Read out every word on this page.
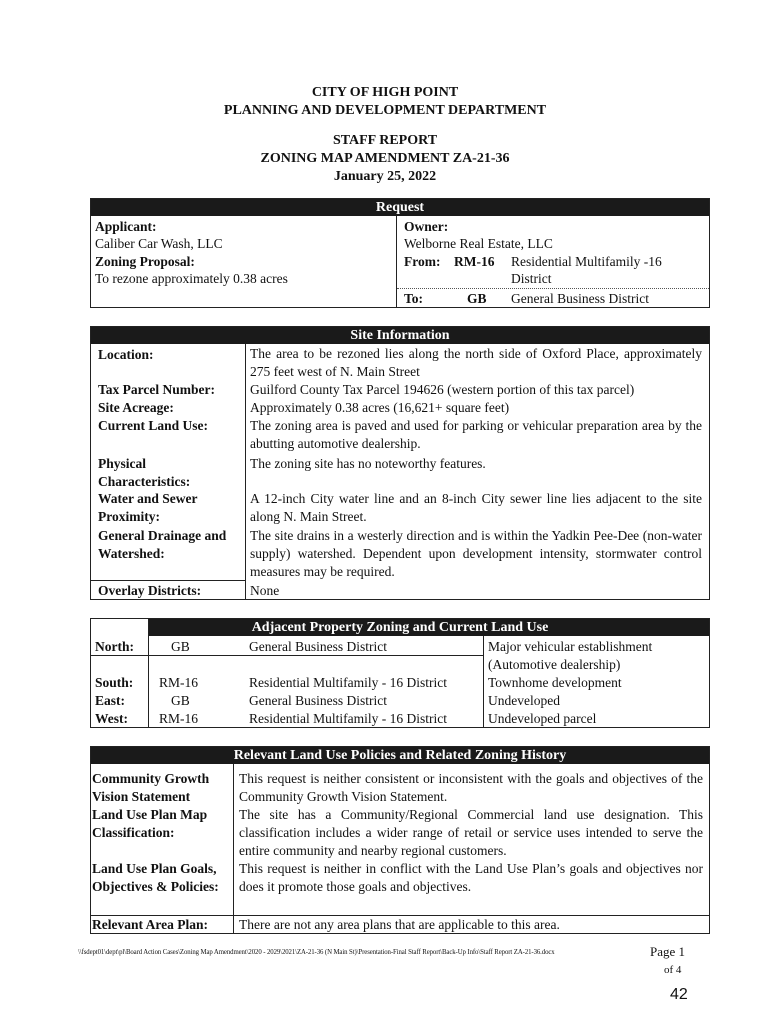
CITY OF HIGH POINT
PLANNING AND DEVELOPMENT DEPARTMENT
STAFF REPORT
ZONING MAP AMENDMENT ZA-21-36
January 25, 2022
Request
Applicant:
Caliber Car Wash, LLC
Zoning Proposal:
To rezone approximately 0.38 acres
Owner:
Welborne Real Estate, LLC
From: RM-16 Residential Multifamily -16
District
To:	GB General Business District
Site Information
Location:	The area to be rezoned lies along the north side of Oxford Place, approximately 275 feet west of N. Main Street
Tax Parcel Number:	Guilford County Tax Parcel 194626 (western portion of this tax parcel)
Site Acreage:	Approximately 0.38 acres (16,621+ square feet)
Current Land Use:	The zoning area is paved and used for parking or vehicular preparation area by the abutting automotive dealership.
Physical Characteristics:
The zoning site has no noteworthy features.
Water and Sewer Proximity:
A 12-inch City water line and an 8-inch City sewer line lies adjacent to the site along N. Main Street.
General Drainage and Watershed:
The site drains in a westerly direction and is within the Yadkin Pee-Dee (non-water supply) watershed. Dependent upon development intensity, stormwater control measures may be required.
Overlay Districts:	None
Adjacent Property Zoning and Current Land Use
North:	GB	General Business District	Major vehicular establishment (Automotive dealership)
South: RM-16	Residential Multifamily - 16 District	Townhome development
East:	GB	General Business District	Undeveloped
West: RM-16	Residential Multifamily - 16 District	Undeveloped parcel
Relevant Land Use Policies and Related Zoning History
Community Growth Vision Statement
This request is neither consistent or inconsistent with the goals and objectives of the Community Growth Vision Statement.
Land Use Plan Map Classification:
The site has a Community/Regional Commercial land use designation. This classification includes a wider range of retail or service uses intended to serve the entire community and nearby regional customers.
Land Use Plan Goals, Objectives & Policies:
This request is neither in conflict with the Land Use Plan’s goals and objectives nor does it promote those goals and objectives.
Relevant Area Plan: There are not any area plans that are applicable to this area.
\\fsdept01\dept\pl\Board Action Cases\Zoning Map Amendment\2020 - 2029\2021\ZA-21-36 (N Main St)\Presentation-Final Staff Report\Back-Up Info\Staff Report ZA-21-36.docx	Page 1
of 4
42
